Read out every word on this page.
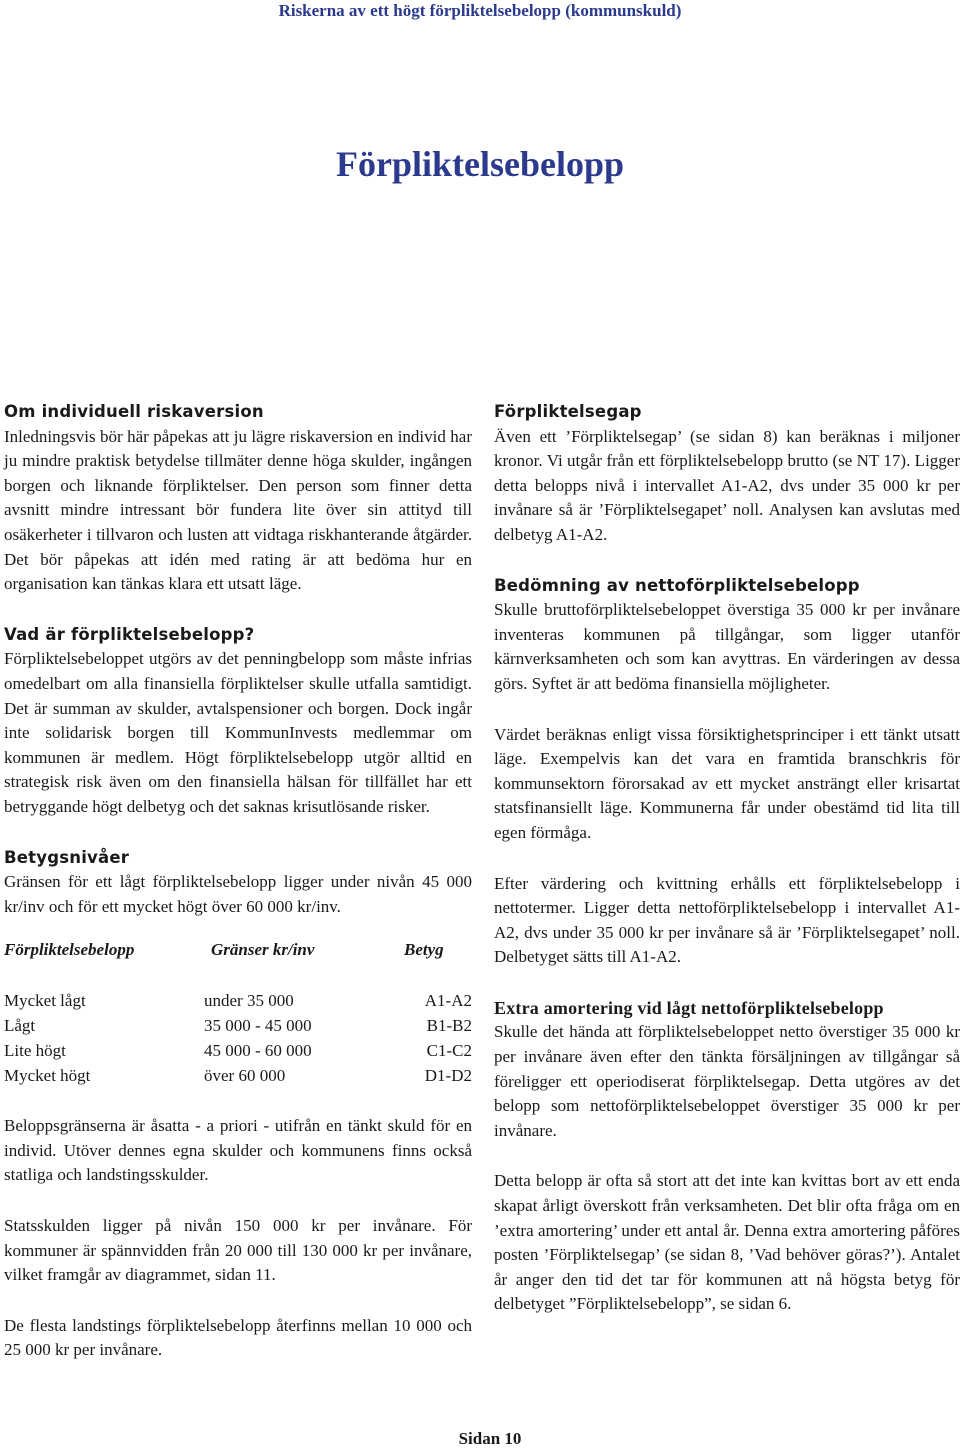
Riskerna av ett högt förpliktelsebelopp (kommunskuld)
Förpliktelsebelopp
Om individuell riskaversion

Inledningsvis bör här påpekas att ju lägre riskaversion en individ har ju mindre praktisk betydelse tillmäter denne höga skulder, ingången borgen och liknande förpliktelser. Den person som finner detta avsnitt mindre intressant bör fundera lite över sin attityd till osäkerheter i tillvaron och lusten att vidtaga riskhanterande åtgärder. Det bör påpekas att idén med rating är att bedöma hur en organisation kan tänkas klara ett utsatt läge.

Vad är förpliktelsebelopp?

Förpliktelsebeloppet utgörs av det penningbelopp som måste infrias omedelbart om alla finansiella förpliktelser skulle utfalla samtidigt. Det är summan av skulder, avtalspensioner och borgen. Dock ingår inte solidarisk borgen till KommunInvests medlemmar om kommunen är medlem. Högt förpliktelsebelopp utgör alltid en strategisk risk även om den finansiella hälsan för tillfället har ett betryggande högt delbetyg och det saknas krisutlösande risker.

Betygsnivåer

Gränsen för ett lågt förpliktelsebelopp ligger under nivån 45 000 kr/inv och för ett mycket högt över 60 000 kr/inv.

Förpliktelsebelopp	Gränser kr/inv	Betyg
Mycket lågt	under 35 000	A1-A2
Lågt	35 000 - 45 000	B1-B2
Lite högt	45 000 - 60 000	C1-C2
Mycket högt	över 60 000	D1-D2

Beloppsgränserna är åsatta - a priori - utifrån en tänkt skuld för en individ. Utöver dennes egna skulder och kommunens finns också statliga och landstingsskulder.

Statsskulden ligger på nivån 150 000 kr per invånare. För kommuner är spännvidden från 20 000 till 130 000 kr per invånare, vilket framgår av diagrammet, sidan 11.

De flesta landstings förpliktelsebelopp återfinns mellan 10 000 och 25 000 kr per invånare.

Förpliktelsegap

Även ett ’Förpliktelsegap’ (se sidan 8) kan beräknas i miljoner kronor. Vi utgår från ett förpliktelsebelopp brutto (se NT 17). Ligger detta belopps nivå i intervallet A1-A2, dvs under 35 000 kr per invånare så är ’Förpliktelsegapet’ noll. Analysen kan avslutas med delbetyg A1-A2.

Bedömning av nettoförpliktelsebelopp

Skulle bruttoförpliktelsebeloppet överstiga 35 000 kr per invånare inventeras kommunen på tillgångar, som ligger utanför kärnverksamheten och som kan avyttras. En värderingen av dessa görs. Syftet är att bedöma finansiella möjligheter.

Värdet beräknas enligt vissa försiktighetsprinciper i ett tänkt utsatt läge. Exempelvis kan det vara en framtida branschkris för kommunsektorn förorsakad av ett mycket ansträngt eller krisartat statsfinansiellt läge. Kommunerna får under obestämd tid lita till egen förmåga.

Efter värdering och kvittning erhålls ett förpliktelsebelopp i nettotermer. Ligger detta nettoförpliktelsebelopp i intervallet A1-A2, dvs under 35 000 kr per invånare så är ’Förpliktelsegapet’ noll. Delbetyget sätts till A1-A2.

Extra amortering vid lågt nettoförpliktelsebelopp

Skulle det hända att förpliktelsebeloppet netto överstiger 35 000 kr per invånare även efter den tänkta försäljningen av tillgångar så föreligger ett operiodiserat förpliktelsegap. Detta utgöres av det belopp som nettoförpliktelsebeloppet överstiger 35 000 kr per invånare.

Detta belopp är ofta så stort att det inte kan kvittas bort av ett enda skapat årligt överskott från verksamheten. Det blir ofta fråga om en ’extra amortering’ under ett antal år. Denna extra amortering påföres posten ’Förpliktelsegap’ (se sidan 8, ’Vad behöver göras?’). Antalet år anger den tid det tar för kommunen att nå högsta betyg för delbetyget ”Förpliktelsebelopp”, se sidan 6.

Sidan 10
